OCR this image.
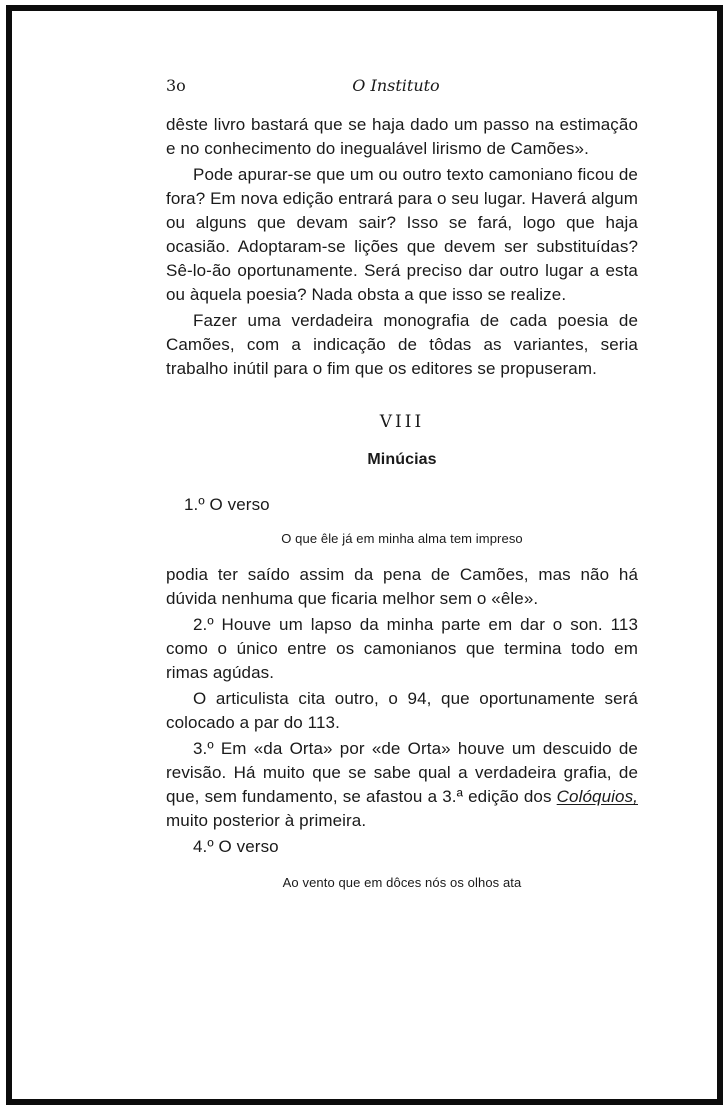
3o	O Instituto

dêste livro bastará que se haja dado um passo na estimação e no conhecimento do inegualável lirismo de Camões».

Pode apurar-se que um ou outro texto camoniano ficou de fora? Em nova edição entrará para o seu lugar. Haverá algum ou alguns que devam sair? Isso se fará, logo que haja ocasião. Adoptaram-se lições que devem ser substituídas? Sê-lo-ão oportunamente. Será preciso dar outro lugar a esta ou àquela poesia? Nada obsta a que isso se realize.

Fazer uma verdadeira monografia de cada poesia de Camões, com a indicação de tôdas as variantes, seria trabalho inútil para o fim que os editores se propuseram.

VIII

Minúcias

1.º O verso

O que êle já em minha alma tem impreso

podia ter saído assim da pena de Camões, mas não há dúvida nenhuma que ficaria melhor sem o «êle».

2.º Houve um lapso da minha parte em dar o son. 113 como o único entre os camonianos que termina todo em rimas agúdas.

O articulista cita outro, o 94, que oportunamente será colocado a par do 113.

3.º Em «da Orta» por «de Orta» houve um descuido de revisão. Há muito que se sabe qual a verdadeira grafia, de que, sem fundamento, se afastou a 3.ª edição dos Colóquios, muito posterior à primeira.

4.º O verso

Ao vento que em dôces nós os olhos ata
